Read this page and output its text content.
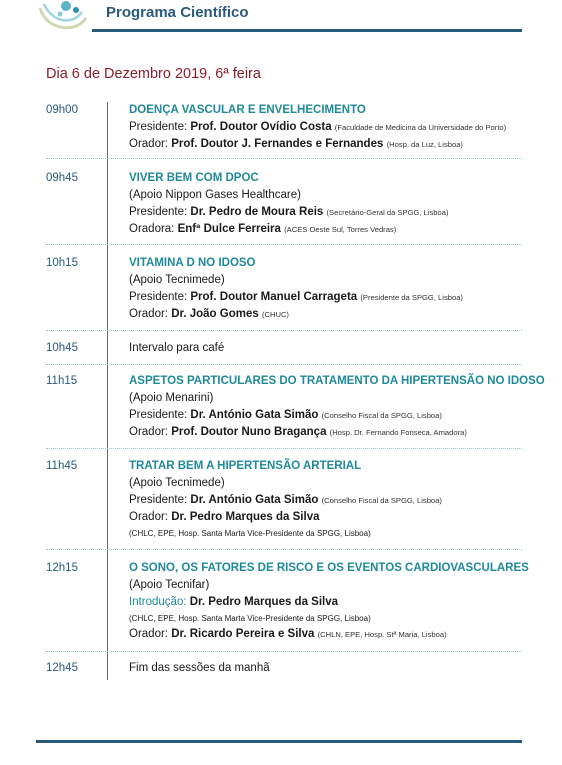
Programa Científico
Dia 6 de Dezembro 2019, 6ª feira
09h00	DOENÇA VASCULAR E ENVELHECIMENTO
Presidente: Prof. Doutor Ovídio Costa (Faculdade de Medicina da Universidade do Porto)
Orador: Prof. Doutor J. Fernandes e Fernandes (Hosp. da Luz, Lisboa)
09h45	VIVER BEM COM DPOC
(Apoio Nippon Gases Healthcare)
Presidente: Dr. Pedro de Moura Reis (Secretário-Geral da SPGG, Lisboa)
Oradora: Enfª Dulce Ferreira (ACES Oeste Sul, Torres Vedras)
10h15	VITAMINA D NO IDOSO
(Apoio Tecnimede)
Presidente: Prof. Doutor Manuel Carrageta (Presidente da SPGG, Lisboa)
Orador: Dr. João Gomes (CHUC)
10h45	Intervalo para café
11h15	ASPETOS PARTICULARES DO TRATAMENTO DA HIPERTENSÃO NO IDOSO
(Apoio Menarini)
Presidente: Dr. António Gata Simão (Conselho Fiscal da SPGG, Lisboa)
Orador: Prof. Doutor Nuno Bragança (Hosp. Dr. Fernando Fonseca, Amadora)
11h45	TRATAR BEM A HIPERTENSÃO ARTERIAL
(Apoio Tecnimede)
Presidente: Dr. António Gata Simão (Conselho Fiscal da SPGG, Lisboa)
Orador: Dr. Pedro Marques da Silva
(CHLC, EPE, Hosp. Santa Marta Vice-Presidente da SPGG, Lisboa)
12h15	O SONO, OS FATORES DE RISCO E OS EVENTOS CARDIOVASCULARES
(Apoio Tecnifar)
Introdução: Dr. Pedro Marques da Silva
(CHLC, EPE, Hosp. Santa Marta Vice-Presidente da SPGG, Lisboa)
Orador: Dr. Ricardo Pereira e Silva (CHLN, EPE, Hosp. Stª Maria, Lisboa)
12h45	Fim das sessões da manhã
